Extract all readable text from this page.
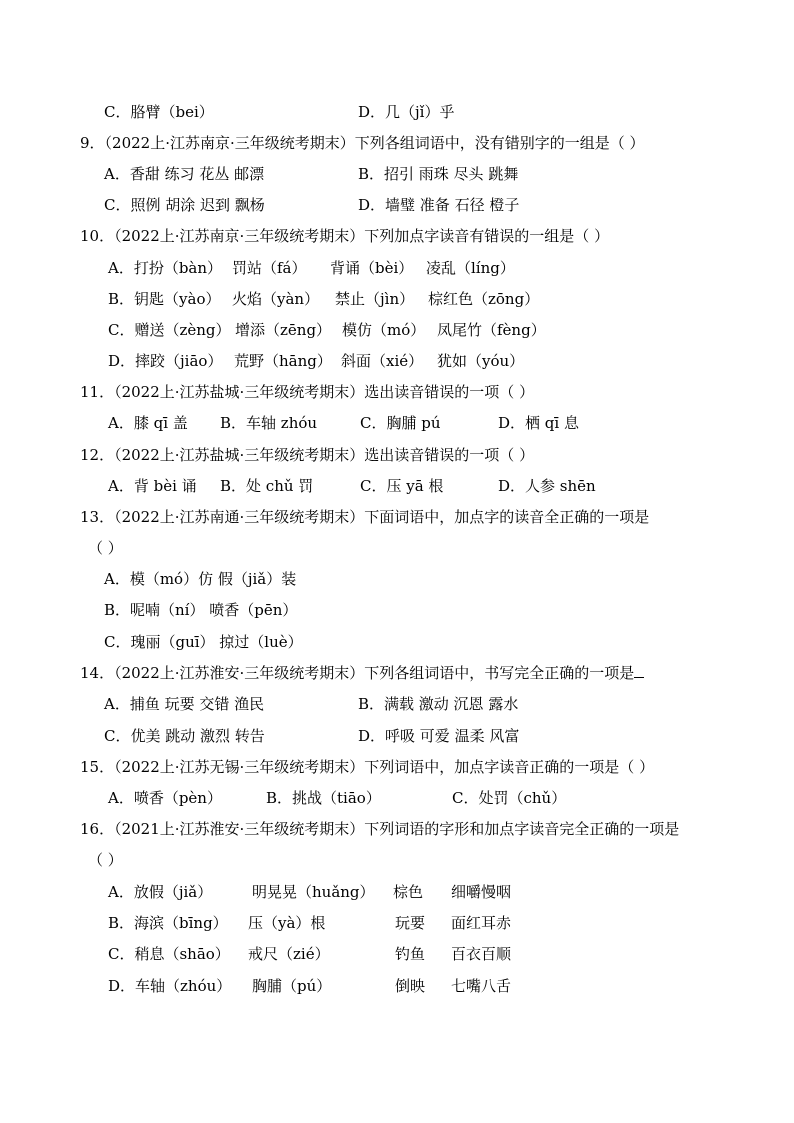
C．胳臂（bei）	D．几（jǐ）乎
9．（2022上·江苏南京·三年级统考期末）下列各组词语中，没有错别字的一组是（ ）
A．香甜 练习 花丛 邮漂	B．招引 雨珠 尽头 跳舞
C．照例 胡涂 迟到 飘杨	D．墙璧 准备 石径 橙子
10．（2022上·江苏南京·三年级统考期末）下列加点字读音有错误的一组是（ ）
A．打扮（bàn） 罚站（fá） 背诵（bèi） 凌乱（líng）
B．钥匙（yào） 火焰（yàn） 禁止（jìn） 棕红色（zōng）
C．赠送（zèng） 增添（zēng） 模仿（mó） 凤尾竹（fèng）
D．摔跤（jiāo） 荒野（hāng） 斜面（xié） 犹如（yóu）
11．（2022上·江苏盐城·三年级统考期末）选出读音错误的一项（ ）
A．膝 qī 盖 B．车轴 zhóu	C．胸脯 pú	D．栖 qī 息
12．（2022上·江苏盐城·三年级统考期末）选出读音错误的一项（ ）
A．背 bèi 诵 B．处 chǔ 罚	C．压 yā 根	D．人参 shēn
13．（2022上·江苏南通·三年级统考期末）下面词语中，加点字的读音全正确的一项是
（ ）
A．模（mó）仿 假（jiǎ）装
B．呢喃（ní） 喷香（pēn）
C．瑰丽（guī） 掠过（luè）
14．（2022上·江苏淮安·三年级统考期末）下列各组词语中，书写完全正确的一项是
A．捕鱼 玩要 交错 渔民	B．满载 激动 沉恩 露水
C．优美 跳动 激烈 转告	D．呼吸 可爱 温柔 风富
15．（2022上·江苏无锡·三年级统考期末）下列词语中，加点字读音正确的一项是（ ）
A．喷香（pèn）	B．挑战（tiāo）	C．处罚（chǔ）
16．（2021上·江苏淮安·三年级统考期末）下列词语的字形和加点字读音完全正确的一项是
（ ）
A．放假（jiǎ）	明晃晃（huǎng） 棕色 细嚼慢咽
B．海滨（bīng） 压（yà）根	玩要 面红耳赤
C．稍息（shāo） 戒尺（zié）	钓鱼 百衣百顺
D．车轴（zhóu） 胸脯（pú）	倒映 七嘴八舌
